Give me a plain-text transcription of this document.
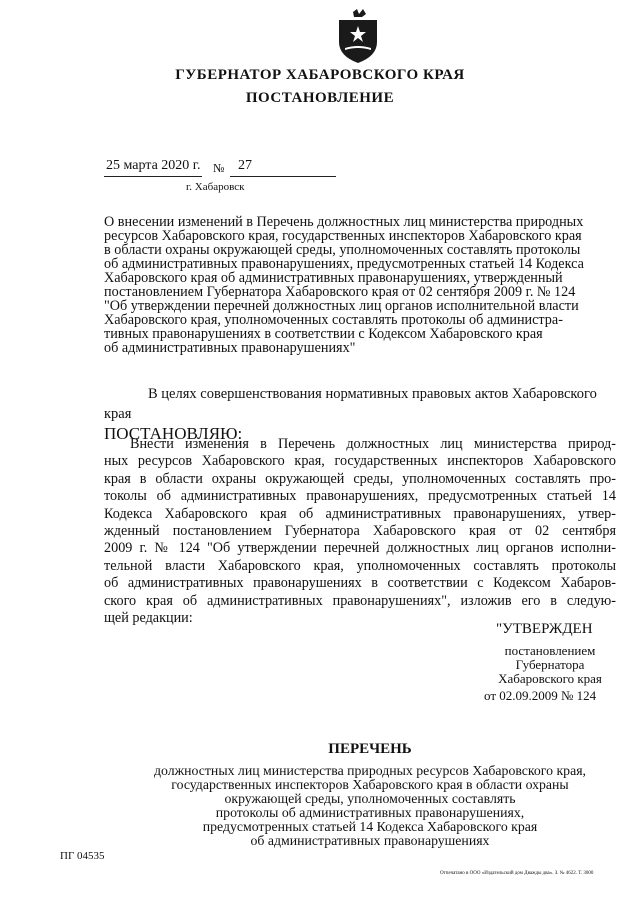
ГУБЕРНАТОР ХАБАРОВСКОГО КРАЯ
ПОСТАНОВЛЕНИЕ
25 марта 2020 г. № 27
г. Хабаровск
О внесении изменений в Перечень должностных лиц министерства природных
ресурсов Хабаровского края, государственных инспекторов Хабаровского края
в области охраны окружающей среды, уполномоченных составлять протоколы
об административных правонарушениях, предусмотренных статьей 14 Кодекса
Хабаровского края об административных правонарушениях, утвержденный
постановлением Губернатора Хабаровского края от 02 сентября 2009 г. № 124
"Об утверждении перечней должностных лиц органов исполнительной власти
Хабаровского края, уполномоченных составлять протоколы об администра-
тивных правонарушениях в соответствии с Кодексом Хабаровского края
об административных правонарушениях"
В целях совершенствования нормативных правовых актов Хабаровского
края
ПОСТАНОВЛЯЮ:
Внести изменения в Перечень должностных лиц министерства природ-
ных ресурсов Хабаровского края, государственных инспекторов Хабаровского
края в области охраны окружающей среды, уполномоченных составлять про-
токолы об административных правонарушениях, предусмотренных статьей 14
Кодекса Хабаровского края об административных правонарушениях, утвер-
жденный постановлением Губернатора Хабаровского края от 02 сентября
2009 г. № 124 "Об утверждении перечней должностных лиц органов исполни-
тельной власти Хабаровского края, уполномоченных составлять протоколы
об административных правонарушениях в соответствии с Кодексом Хабаров-
ского края об административных правонарушениях", изложив его в следую-
щей редакции:
"УТВЕРЖДЕН
постановлением
Губернатора
Хабаровского края
от 02.09.2009 № 124
ПЕРЕЧЕНЬ
должностных лиц министерства природных ресурсов Хабаровского края,
государственных инспекторов Хабаровского края в области охраны
окружающей среды, уполномоченных составлять
протоколы об административных правонарушениях,
предусмотренных статьей 14 Кодекса Хабаровского края
об административных правонарушениях
ПГ 04535
Отпечатано в ООО «Издательский дом Дважды два». З. № 4622. Т. 3000
